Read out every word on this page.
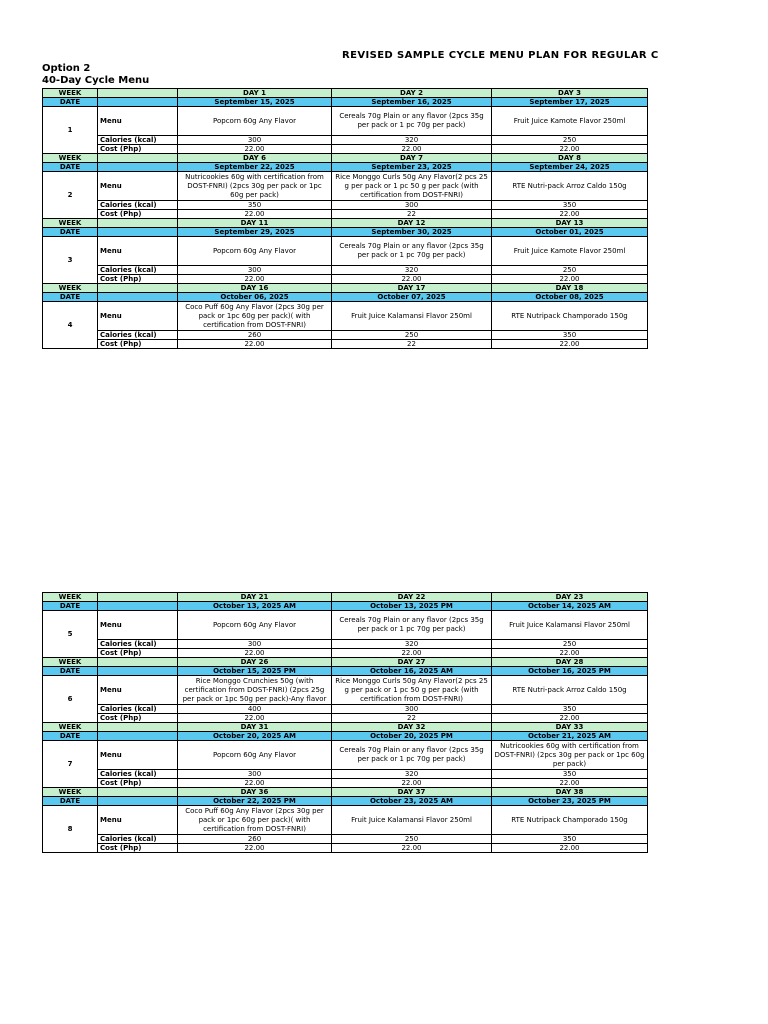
REVISED SAMPLE CYCLE MENU PLAN FOR REGULAR C
Option 2
40-Day Cycle Menu
WEEK		DAY 1	DAY 2	DAY 3
DATE		September 15, 2025	September 16, 2025	September 17, 2025
1	Menu	Popcorn 60g Any Flavor	Cereals 70g Plain or any flavor (2pcs 35g per pack or 1 pc 70g per pack)	Fruit Juice Kamote Flavor 250ml
	Calories (kcal)	300	320	250
	Cost (Php)	22.00	22.00	22.00
WEEK		DAY 6	DAY 7	DAY 8
DATE		September 22, 2025	September 23, 2025	September 24, 2025
2	Menu	Nutricookies 60g with certification from DOST-FNRI) (2pcs 30g per pack or 1pc 60g per pack)	Rice Monggo Curls 50g Any Flavor(2 pcs 25 g per pack or 1 pc 50 g per pack (with certification from DOST-FNRI)	RTE Nutri-pack Arroz Caldo 150g
	Calories (kcal)	350	300	350
	Cost (Php)	22.00	22	22.00
WEEK		DAY 11	DAY 12	DAY 13
DATE		September 29, 2025	September 30, 2025	October 01, 2025
3	Menu	Popcorn 60g Any Flavor	Cereals 70g Plain or any flavor (2pcs 35g per pack or 1 pc 70g per pack)	Fruit Juice Kamote Flavor 250ml
	Calories (kcal)	300	320	250
	Cost (Php)	22.00	22.00	22.00
WEEK		DAY 16	DAY 17	DAY 18
DATE		October 06, 2025	October 07, 2025	October 08, 2025
4	Menu	Coco Puff 60g Any Flavor (2pcs 30g per pack or 1pc 60g per pack)( with certification from DOST-FNRI)	Fruit Juice Kalamansi Flavor 250ml	RTE Nutripack Champorado 150g
	Calories (kcal)	260	250	350
	Cost (Php)	22.00	22	22.00
WEEK		DAY 21	DAY 22	DAY 23
DATE		October 13, 2025 AM	October 13, 2025 PM	October 14, 2025 AM
5	Menu	Popcorn 60g Any Flavor	Cereals 70g Plain or any flavor (2pcs 35g per pack or 1 pc 70g per pack)	Fruit Juice Kalamansi Flavor 250ml
	Calories (kcal)	300	320	250
	Cost (Php)	22.00	22.00	22.00
WEEK		DAY 26	DAY 27	DAY 28
DATE		October 15, 2025 PM	October 16, 2025 AM	October 16, 2025 PM
6	Menu	Rice Monggo Crunchies 50g (with certification from DOST-FNRI) (2pcs 25g per pack or 1pc 50g per pack)-Any flavor	Rice Monggo Curls 50g Any Flavor(2 pcs 25 g per pack or 1 pc 50 g per pack (with certification from DOST-FNRI)	RTE Nutri-pack Arroz Caldo 150g
	Calories (kcal)	400	300	350
	Cost (Php)	22.00	22	22.00
WEEK		DAY 31	DAY 32	DAY 33
DATE		October 20, 2025 AM	October 20, 2025 PM	October 21, 2025 AM
7	Menu	Popcorn 60g Any Flavor	Cereals 70g Plain or any flavor (2pcs 35g per pack or 1 pc 70g per pack)	Nutricookies 60g with certification from DOST-FNRI) (2pcs 30g per pack or 1pc 60g per pack)
	Calories (kcal)	300	320	350
	Cost (Php)	22.00	22.00	22.00
WEEK		DAY 36	DAY 37	DAY 38
DATE		October 22, 2025 PM	October 23, 2025 AM	October 23, 2025 PM
8	Menu	Coco Puff 60g Any Flavor (2pcs 30g per pack or 1pc 60g per pack)( with certification from DOST-FNRI)	Fruit Juice Kalamansi Flavor 250ml	RTE Nutripack Champorado 150g
	Calories (kcal)	260	250	350
	Cost (Php)	22.00	22.00	22.00
